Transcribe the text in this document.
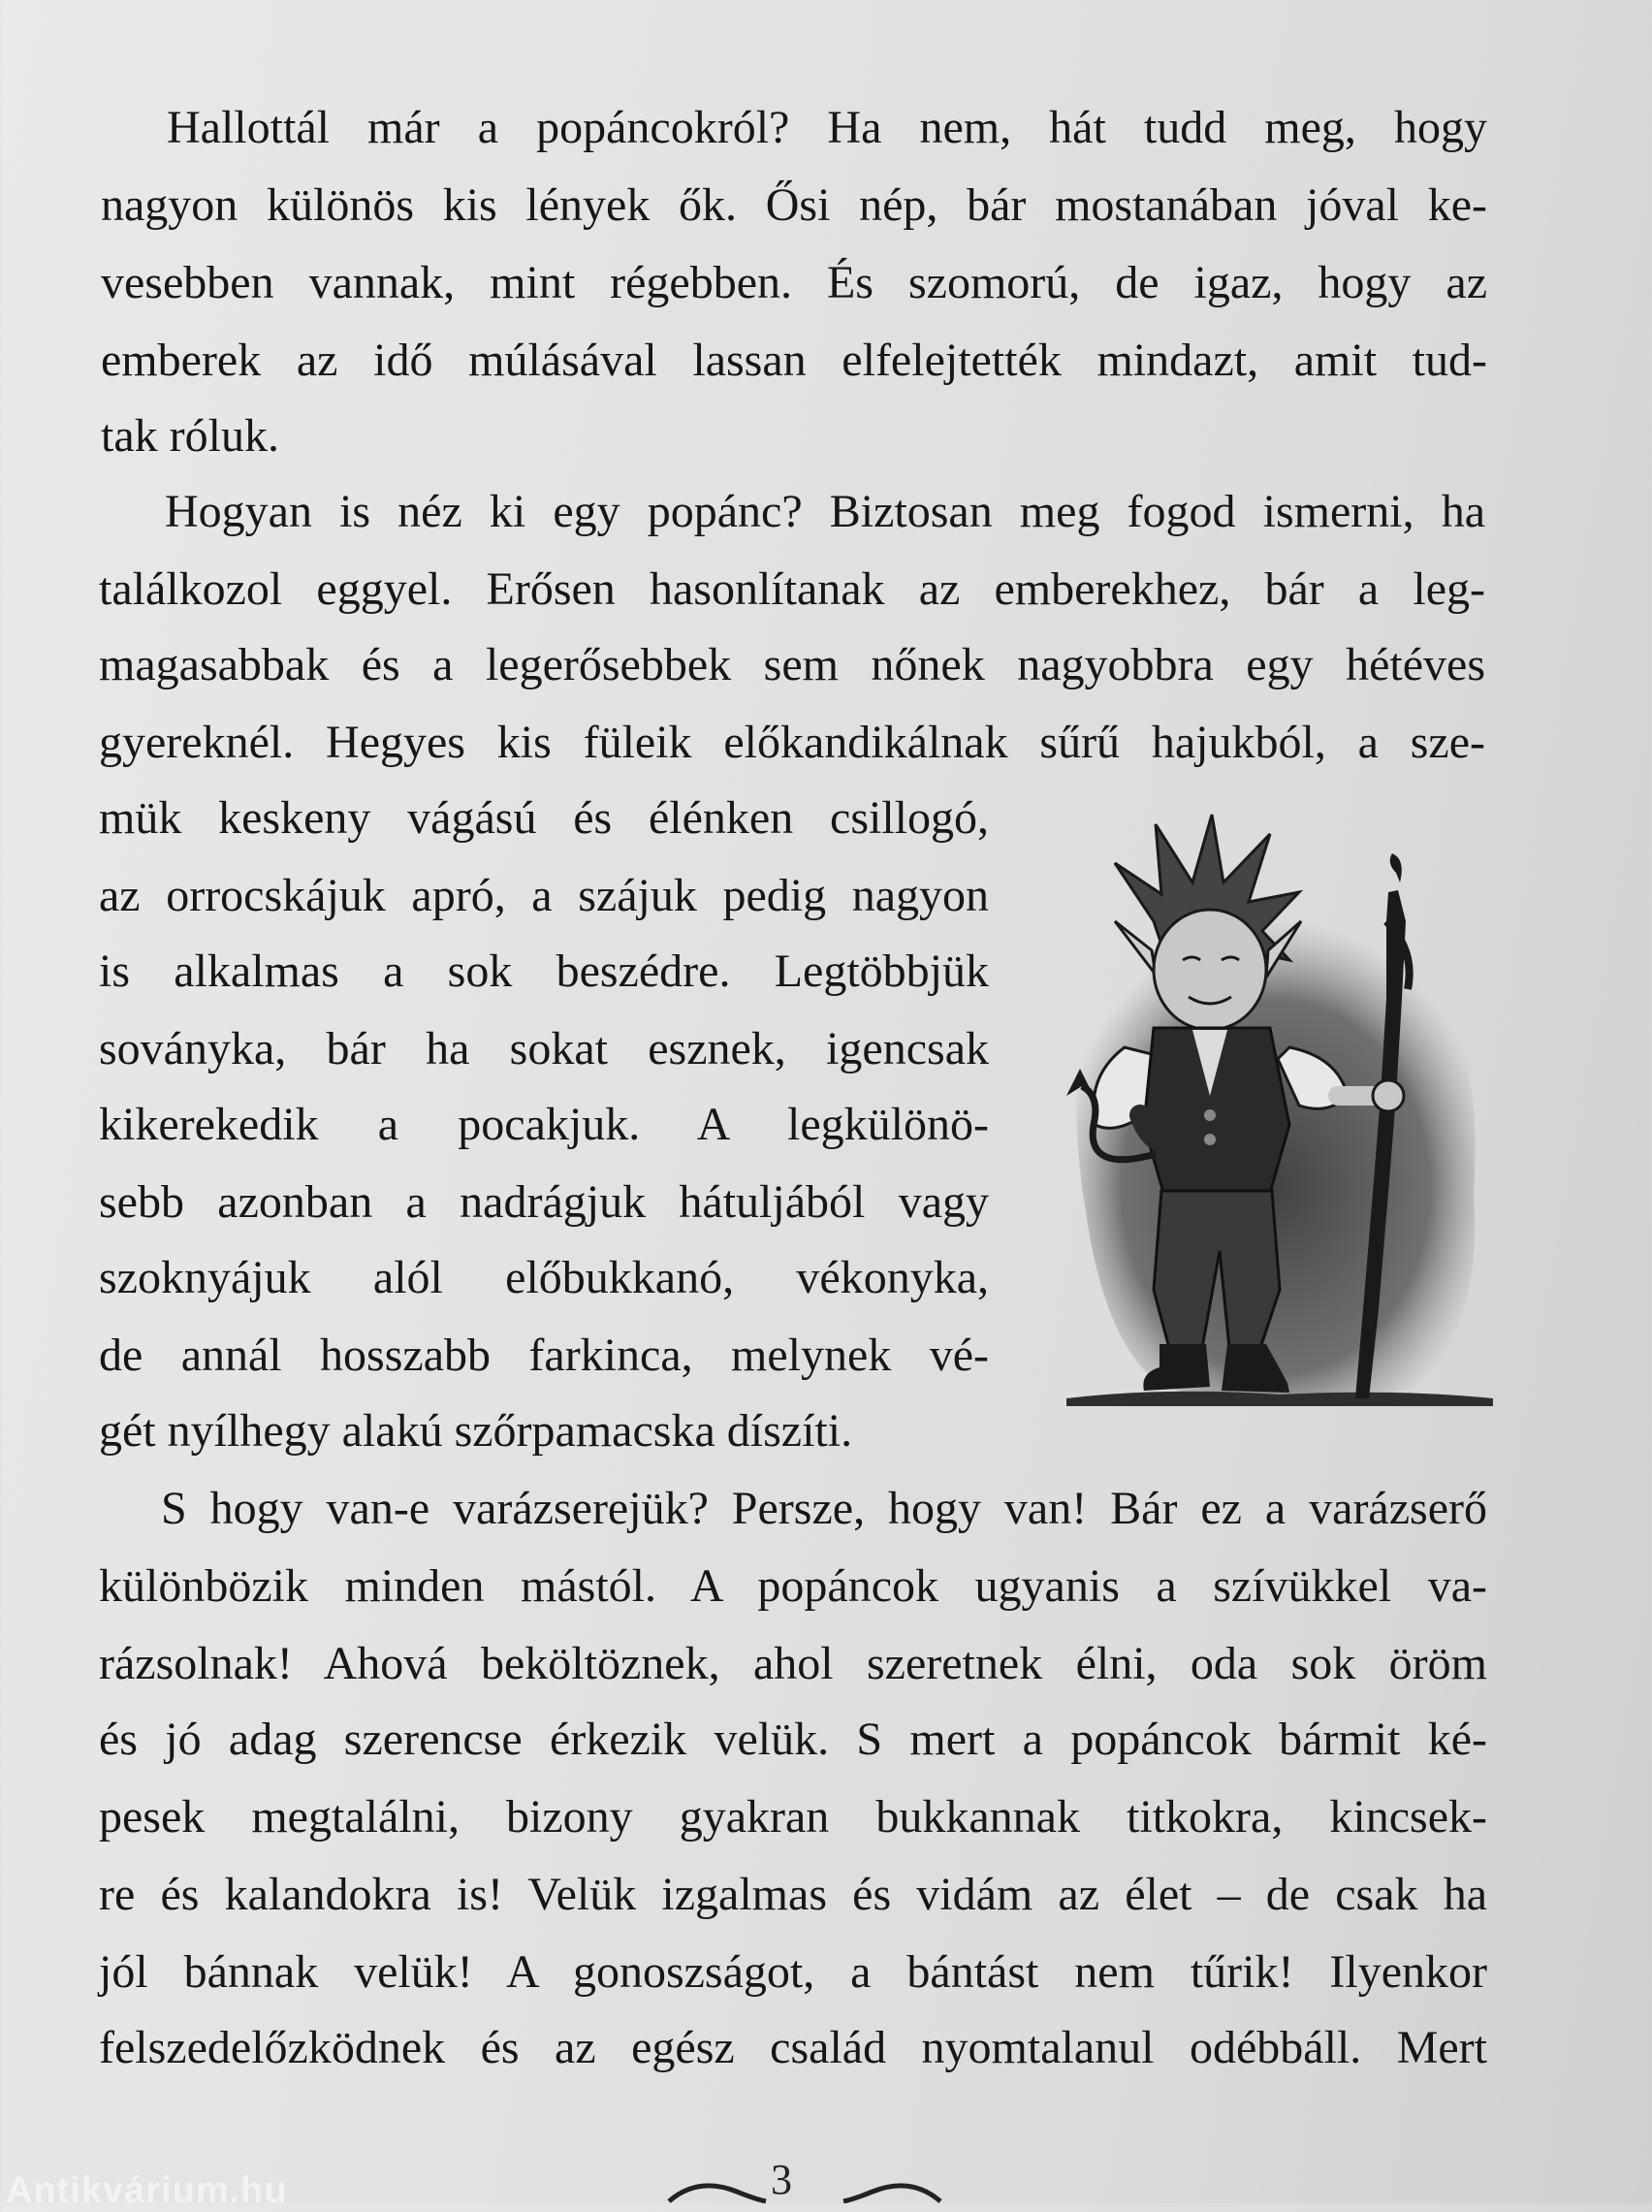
Hallottál már a popáncokról? Ha nem, hát tudd meg, hogy
nagyon különös kis lények ők. Ősi nép, bár mostanában jóval ke-
vesebben vannak, mint régebben. És szomorú, de igaz, hogy az
emberek az idő múlásával lassan elfelejtették mindazt, amit tud-
tak róluk.
Hogyan is néz ki egy popánc? Biztosan meg fogod ismerni, ha
találkozol eggyel. Erősen hasonlítanak az emberekhez, bár a leg-
magasabbak és a legerősebbek sem nőnek nagyobbra egy hétéves
gyereknél. Hegyes kis füleik előkandikálnak sűrű hajukból, a sze-
mük keskeny vágású és élénken csillogó,
az orrocskájuk apró, a szájuk pedig nagyon
is alkalmas a sok beszédre. Legtöbbjük
soványka, bár ha sokat esznek, igencsak
kikerekedik a pocakjuk. A legkülönö-
sebb azonban a nadrágjuk hátuljából vagy
szoknyájuk alól előbukkanó, vékonyka,
de annál hosszabb farkinca, melynek vé-
gét nyílhegy alakú szőrpamacska díszíti.
S hogy van-e varázserejük? Persze, hogy van! Bár ez a varázserő
különbözik minden mástól. A popáncok ugyanis a szívükkel va-
rázsolnak! Ahová beköltöznek, ahol szeretnek élni, oda sok öröm
és jó adag szerencse érkezik velük. S mert a popáncok bármit ké-
pesek megtalálni, bizony gyakran bukkannak titkokra, kincsek-
re és kalandokra is! Velük izgalmas és vidám az élet – de csak ha
jól bánnak velük! A gonoszságot, a bántást nem tűrik! Ilyenkor
felszedelőzködnek és az egész család nyomtalanul odébbáll. Mert
Antikvárium.hu	3
